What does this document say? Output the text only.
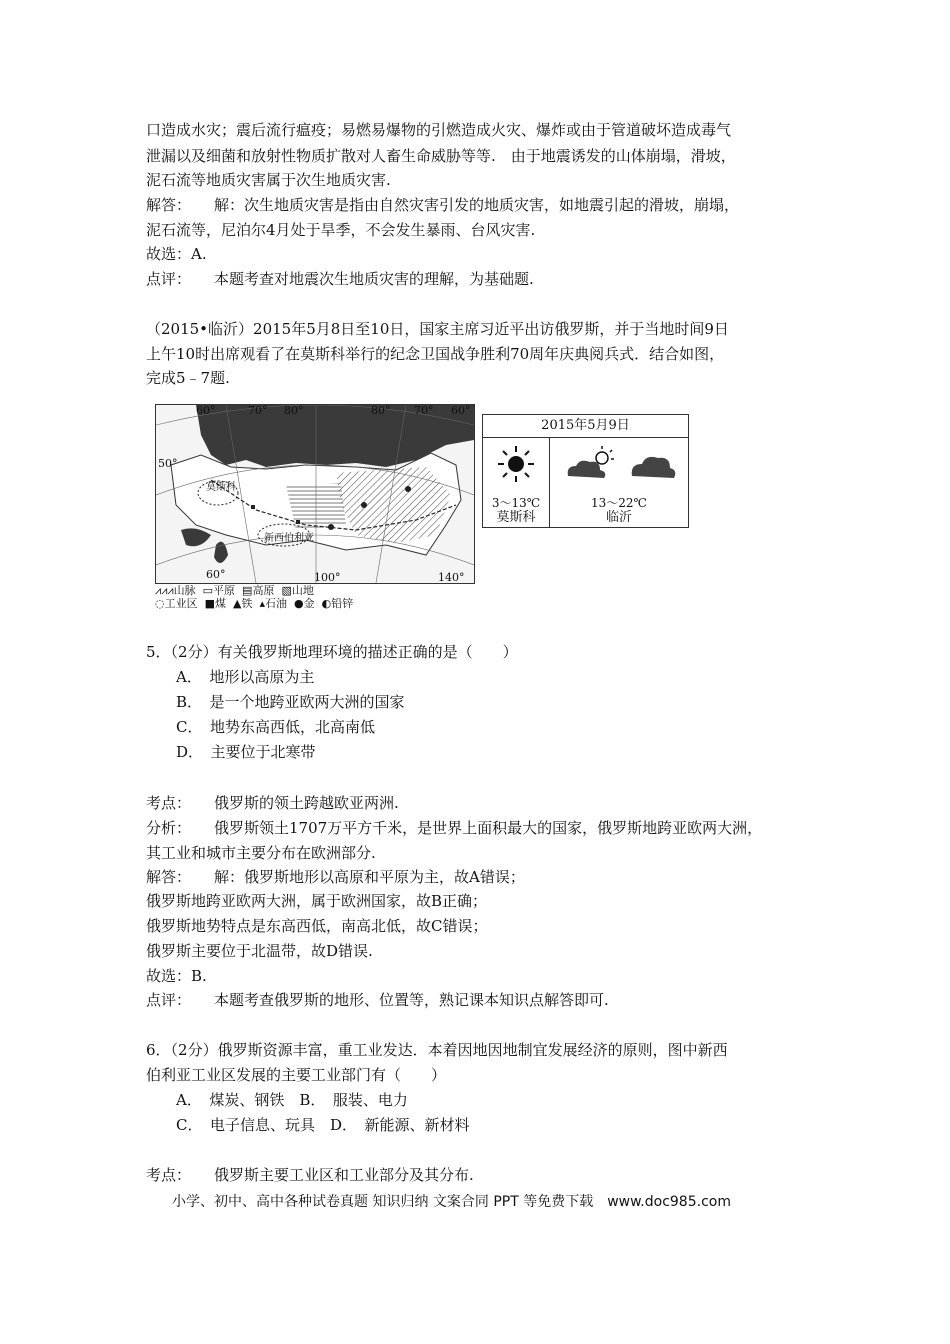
口造成水灾；震后流行瘟疫；易燃易爆物的引燃造成火灾、爆炸或由于管道破坏造成毒气
泄漏以及细菌和放射性物质扩散对人畜生命威胁等等.　由于地震诱发的山体崩塌，滑坡，
泥石流等地质灾害属于次生地质灾害.
解答： 解：次生地质灾害是指由自然灾害引发的地质灾害，如地震引起的滑坡，崩塌，
泥石流等，尼泊尔4月处于旱季，不会发生暴雨、台风灾害.
故选：A.
点评： 本题考查对地震次生地质灾害的理解，为基础题.
（2015•临沂）2015年5月8日至10日，国家主席习近平出访俄罗斯，并于当地时间9日
上午10时出席观看了在莫斯科举行的纪念卫国战争胜利70周年庆典阅兵式．结合如图，
完成5﹣7题.
60°	70° 80°	80° 70° 60°
50°
60°	100°	140°
莫斯科
新西伯利亚
⩘⩘⩘山脉 ▭平原 ▤高原 ▧山地
◌工业区 ■煤 ▲铁 ▴石油 ●金 ◐铅锌
2015年5月9日
3～13℃
莫斯科
13～22℃
临沂
5．（2分）有关俄罗斯地理环境的描述正确的是（　　）
A．　地形以高原为主
B．　是一个地跨亚欧两大洲的国家
C．　地势东高西低，北高南低
D．　主要位于北寒带
考点： 俄罗斯的领土跨越欧亚两洲.
分析： 俄罗斯领土1707万平方千米，是世界上面积最大的国家，俄罗斯地跨亚欧两大洲，
其工业和城市主要分布在欧洲部分.
解答： 解：俄罗斯地形以高原和平原为主，故A错误；
俄罗斯地跨亚欧两大洲，属于欧洲国家，故B正确；
俄罗斯地势特点是东高西低，南高北低，故C错误；
俄罗斯主要位于北温带，故D错误.
故选：B.
点评： 本题考查俄罗斯的地形、位置等，熟记课本知识点解答即可.
6．（2分）俄罗斯资源丰富，重工业发达．本着因地因地制宜发展经济的原则，图中新西
伯利亚工业区发展的主要工业部门有（　　）
A．　煤炭、钢铁　B．　服装、电力
C．　电子信息、玩具　D．　新能源、新材料
考点： 俄罗斯主要工业区和工业部分及其分布.
小学、初中、高中各种试卷真题 知识归纳 文案合同 PPT 等免费下载　www.doc985.com
